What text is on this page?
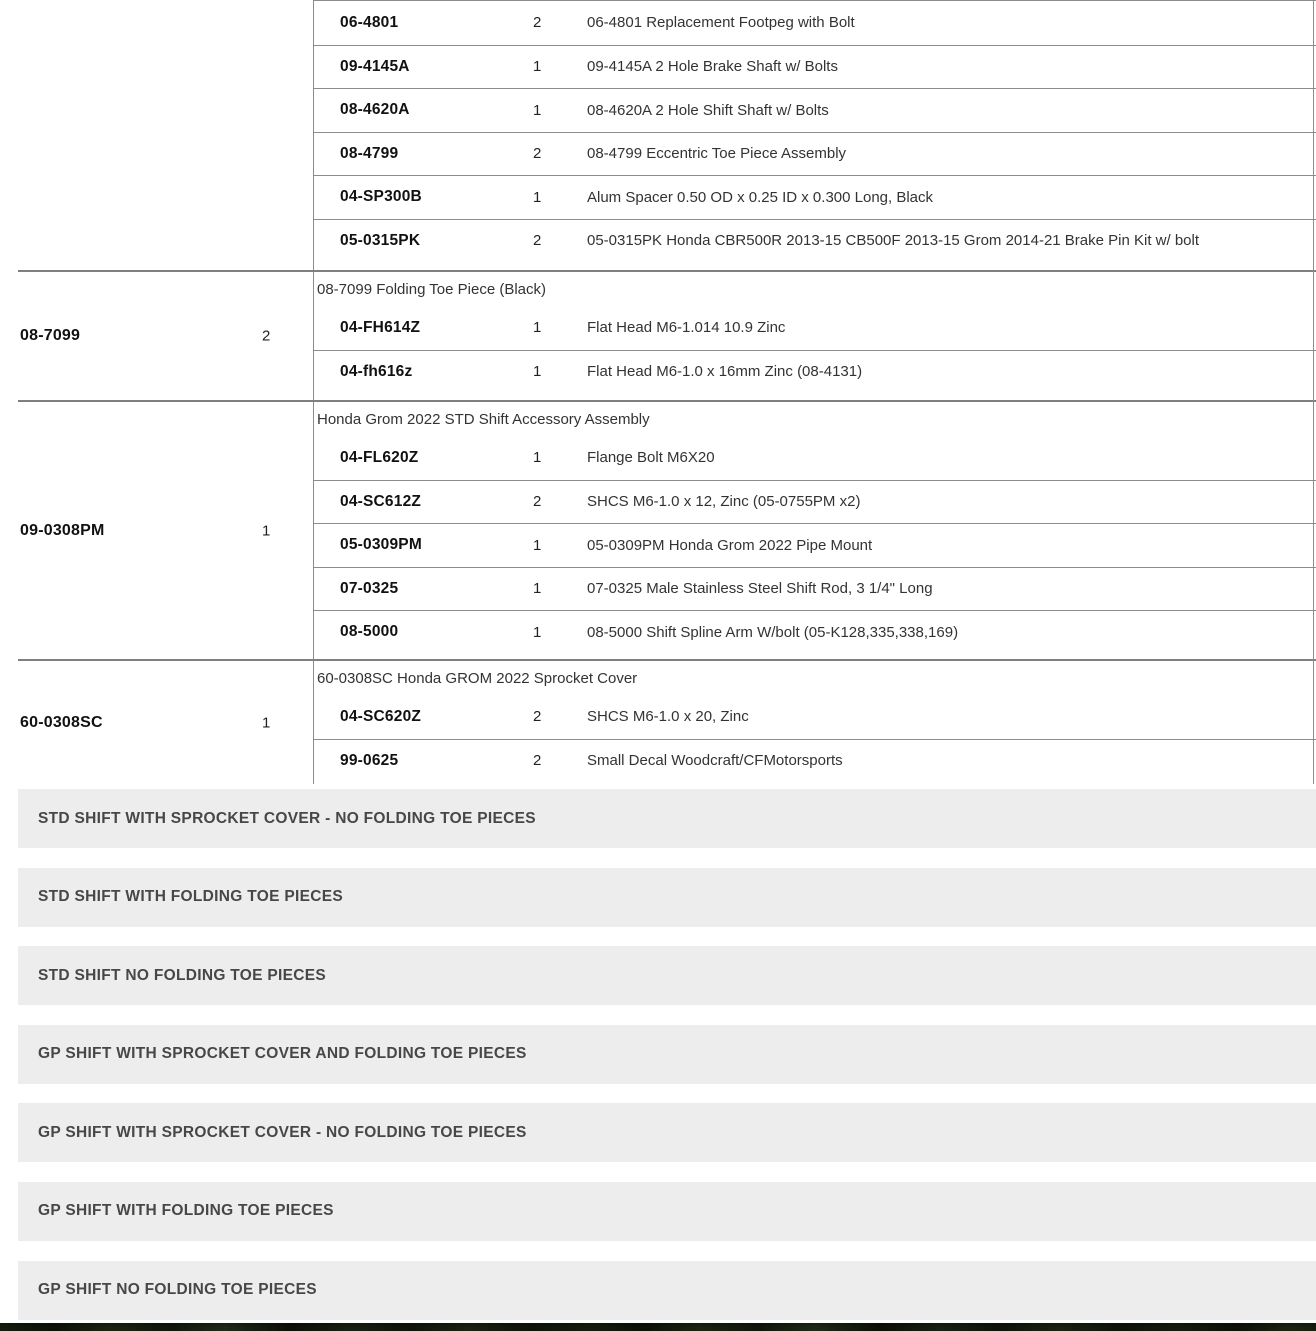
06-4801	2	06-4801 Replacement Footpeg with Bolt
09-4145A	1	09-4145A 2 Hole Brake Shaft w/ Bolts
08-4620A	1	08-4620A 2 Hole Shift Shaft w/ Bolts
08-4799	2	08-4799 Eccentric Toe Piece Assembly
04-SP300B	1	Alum Spacer 0.50 OD x 0.25 ID x 0.300 Long, Black
05-0315PK	2	05-0315PK Honda CBR500R 2013-15 CB500F 2013-15 Grom 2014-21 Brake Pin Kit w/ bolt
08-7099	2
08-7099 Folding Toe Piece (Black)
04-FH614Z	1	Flat Head M6-1.014 10.9 Zinc
04-fh616z	1	Flat Head M6-1.0 x 16mm Zinc (08-4131)
09-0308PM	1
Honda Grom 2022 STD Shift Accessory Assembly
04-FL620Z	1	Flange Bolt M6X20
04-SC612Z	2	SHCS M6-1.0 x 12, Zinc (05-0755PM x2)
05-0309PM	1	05-0309PM Honda Grom 2022 Pipe Mount
07-0325	1	07-0325 Male Stainless Steel Shift Rod, 3 1/4" Long
08-5000	1	08-5000 Shift Spline Arm W/bolt (05-K128,335,338,169)
60-0308SC	1
60-0308SC Honda GROM 2022 Sprocket Cover
04-SC620Z	2	SHCS M6-1.0 x 20, Zinc
99-0625	2	Small Decal Woodcraft/CFMotorsports
STD SHIFT WITH SPROCKET COVER - NO FOLDING TOE PIECES
STD SHIFT WITH FOLDING TOE PIECES
STD SHIFT NO FOLDING TOE PIECES
GP SHIFT WITH SPROCKET COVER AND FOLDING TOE PIECES
GP SHIFT WITH SPROCKET COVER - NO FOLDING TOE PIECES
GP SHIFT WITH FOLDING TOE PIECES
GP SHIFT NO FOLDING TOE PIECES
